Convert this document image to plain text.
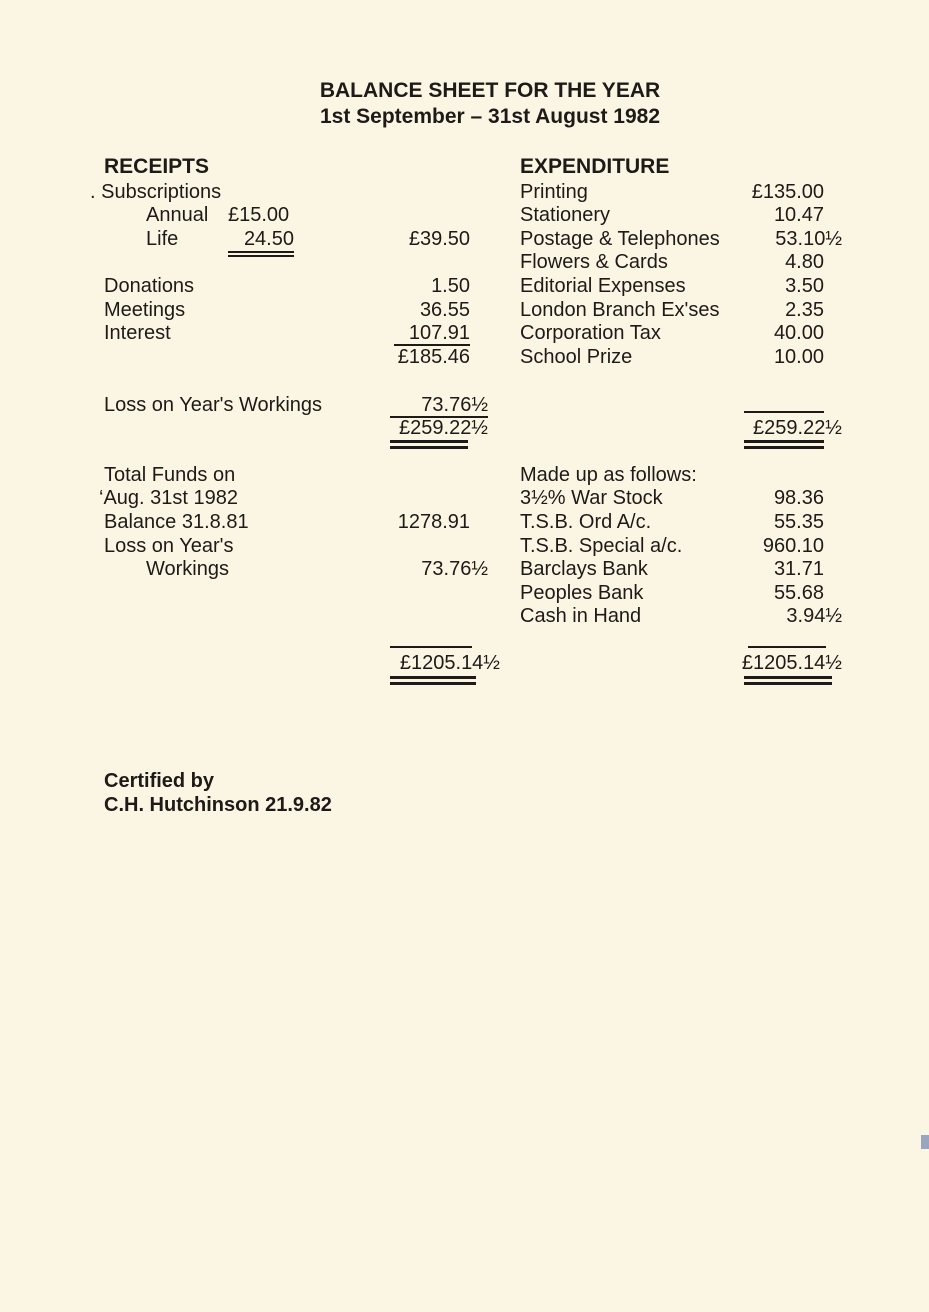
BALANCE SHEET FOR THE YEAR
1st September – 31st August 1982
RECEIPTS
. Subscriptions
Annual £15.00
Life	24.50	£39.50
Donations	1.50
Meetings	36.55
Interest	107.91
£185.46
Loss on Year's Workings	73.76½
£259.22½
EXPENDITURE
Printing	£135.00
Stationery	10.47
Postage & Telephones	53.10½
Flowers & Cards	4.80
Editorial Expenses	3.50
London Branch Ex'ses	2.35
Corporation Tax	40.00
School Prize	10.00
£259.22½
Total Funds on
‘Aug. 31st 1982
Balance 31.8.81	1278.91
Loss on Year's
Workings	73.76½
£1205.14½
Made up as follows:
3½% War Stock	98.36
T.S.B. Ord A/c.	55.35
T.S.B. Special a/c.	960.10
Barclays Bank	31.71
Peoples Bank	55.68
Cash in Hand	3.94½
£1205.14½
Certified by
C.H. Hutchinson 21.9.82
